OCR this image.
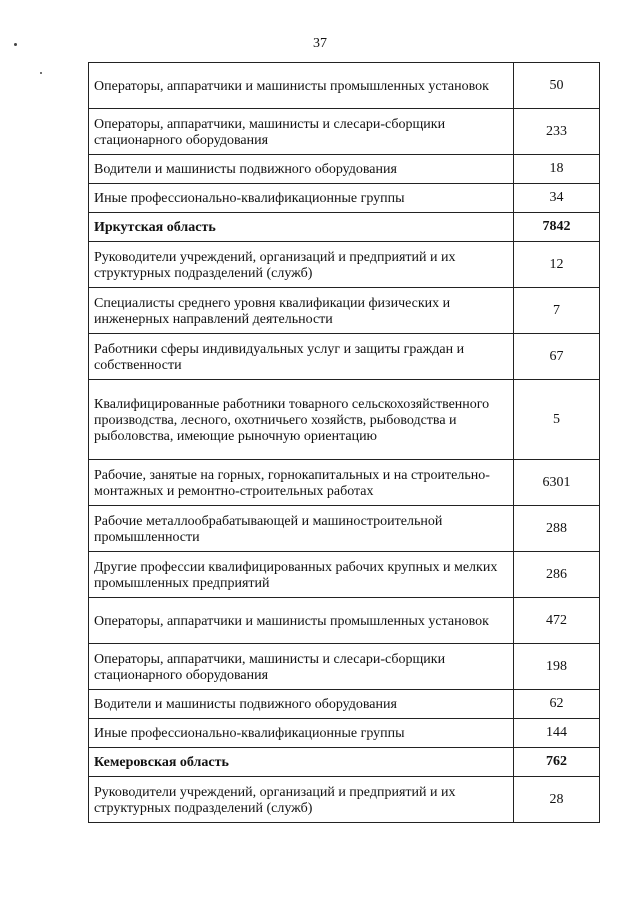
37
Операторы, аппаратчики и машинисты промышленных установок	50
Операторы, аппаратчики, машинисты и слесари-сборщики стационарного оборудования	233
Водители и машинисты подвижного оборудования	18
Иные профессионально-квалификационные группы	34
Иркутская область	7842
Руководители учреждений, организаций и предприятий и их структурных подразделений (служб)	12
Специалисты среднего уровня квалификации физических и инженерных направлений деятельности	7
Работники сферы индивидуальных услуг и защиты граждан и собственности	67
Квалифицированные работники товарного сельскохозяйственного производства, лесного, охотничьего хозяйств, рыбоводства и рыболовства, имеющие рыночную ориентацию	5
Рабочие, занятые на горных, горнокапитальных и на строительно-монтажных и ремонтно-строительных работах	6301
Рабочие металлообрабатывающей и машиностроительной промышленности	288
Другие профессии квалифицированных рабочих крупных и мелких промышленных предприятий	286
Операторы, аппаратчики и машинисты промышленных установок	472
Операторы, аппаратчики, машинисты и слесари-сборщики стационарного оборудования	198
Водители и машинисты подвижного оборудования	62
Иные профессионально-квалификационные группы	144
Кемеровская область	762
Руководители учреждений, организаций и предприятий и их структурных подразделений (служб)	28
